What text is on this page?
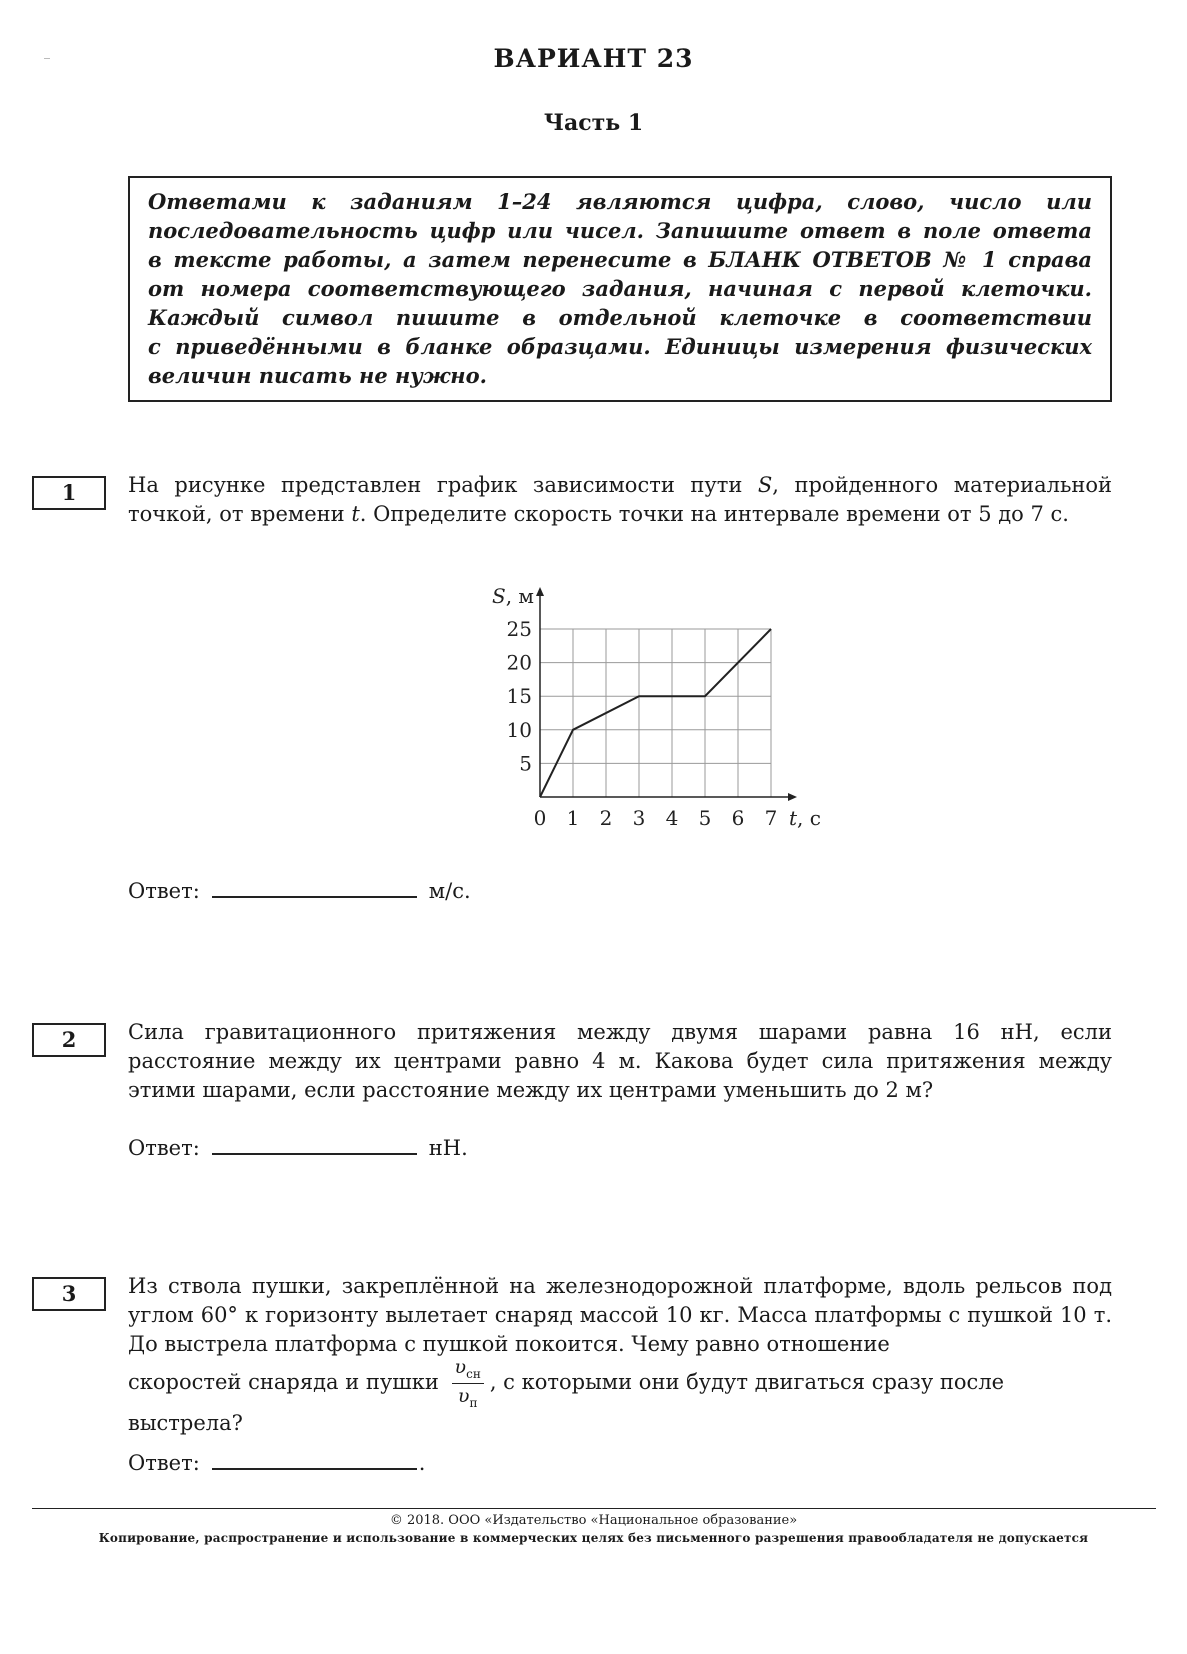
ВАРИАНТ 23
Часть 1
Ответами к заданиям 1–24 являются цифра, слово, число или
последовательность цифр или чисел. Запишите ответ в поле ответа
в тексте работы, а затем перенесите в БЛАНК ОТВЕТОВ № 1 справа
от номера соответствующего задания, начиная с первой клеточки.
Каждый символ пишите в отдельной клеточке в соответствии
с приведёнными в бланке образцами. Единицы измерения физических
величин писать не нужно.
1	На рисунке представлен график зависимости пути S, пройденного материальной точкой, от времени t. Определите скорость точки на интервале времени от 5 до 7 с.
0 1 2 3 4 5 6 7
5
10
15
20
25
t, с
S, м
Ответ:	м/с.
2	Сила гравитационного притяжения между двумя шарами равна 16 нН, если расстояние между их центрами равно 4 м. Какова будет сила притяжения между этими шарами, если расстояние между их центрами уменьшить до 2 м?
Ответ:	нН.
3	Из ствола пушки, закреплённой на железнодорожной платформе, вдоль рельсов под углом 60° к горизонту вылетает снаряд массой 10 кг. Масса платформы с пушкой 10 т. До выстрела платформа с пушкой покоится. Чему равно отношение
скоростей снаряда и пушки $\frac{\upsilon_{сн}}{\upsilon_п}$ , с которыми они будут двигаться сразу после выстрела?
Ответ:	.
© 2018. ООО «Издательство «Национальное образование»
Копирование, распространение и использование в коммерческих целях без письменного разрешения правообладателя не допускается
